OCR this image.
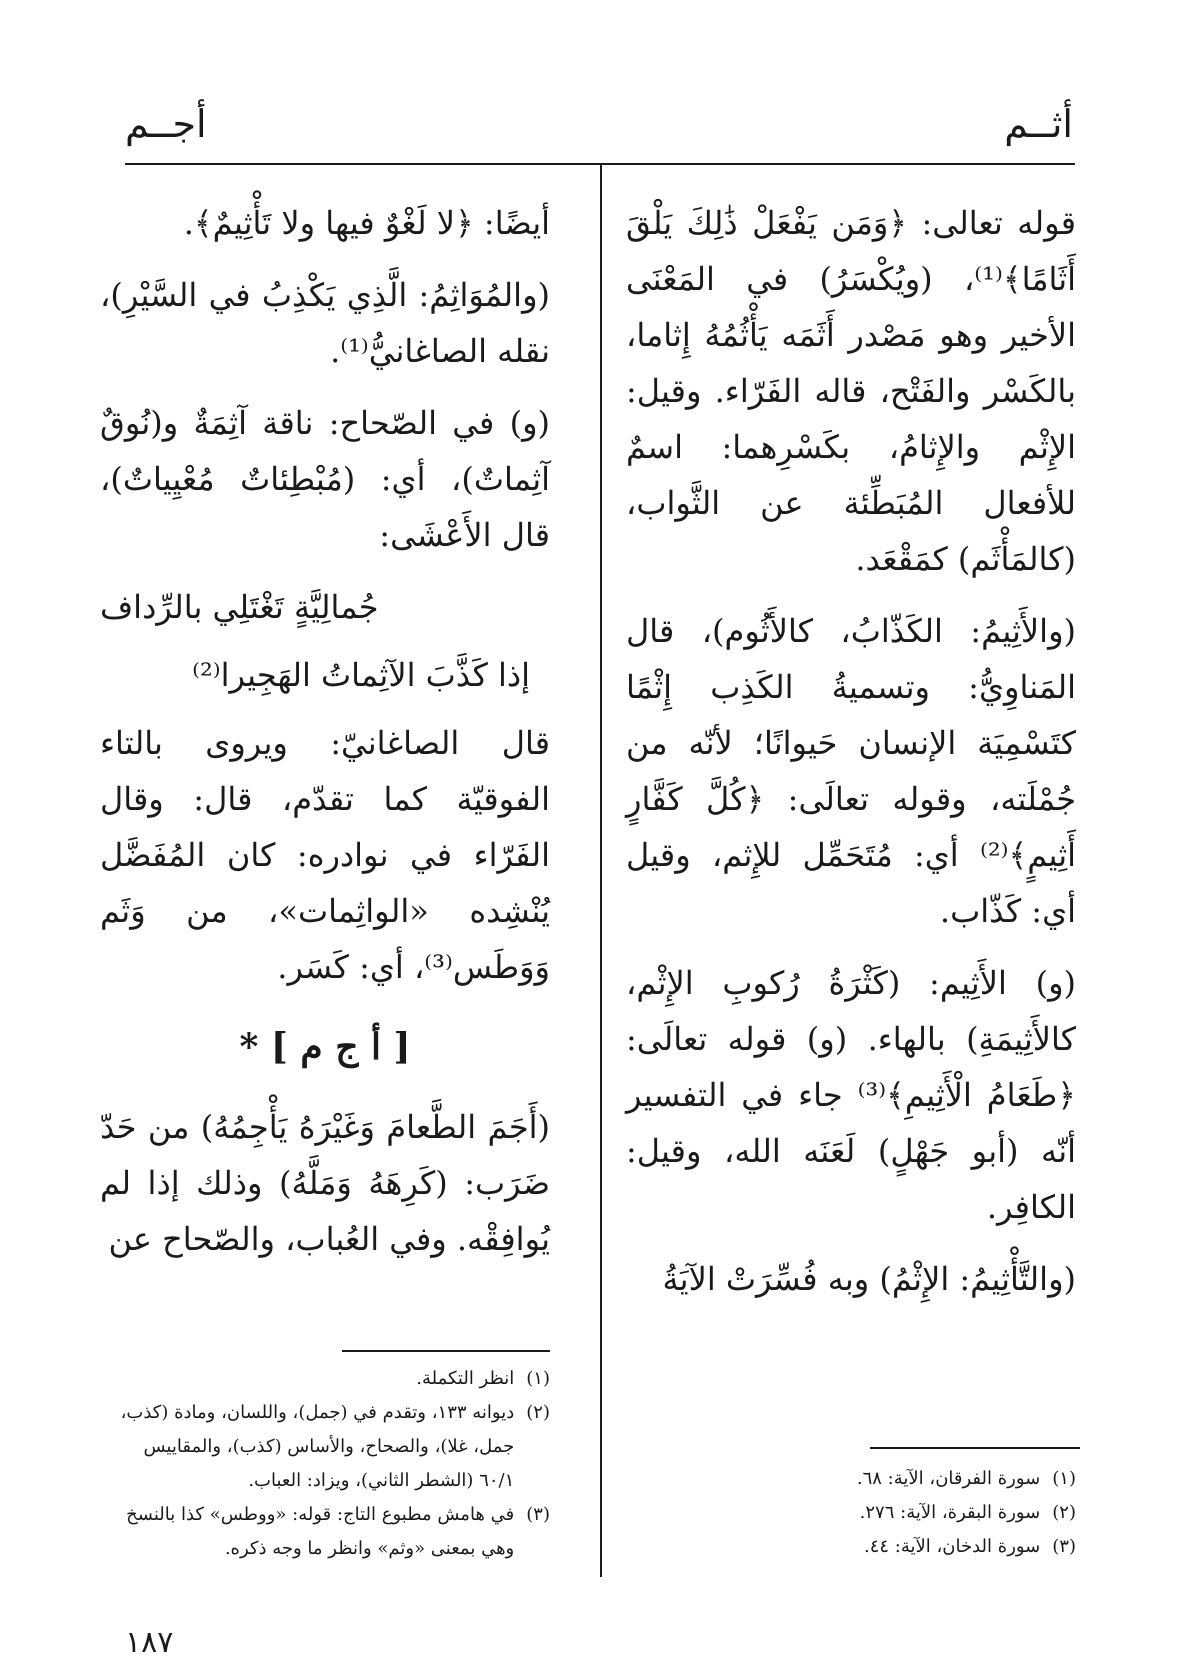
أثــم
أجــم

قوله تعالى: ﴿وَمَن يَفْعَلْ ذَٰلِكَ يَلْقَ أَثَامًا﴾⁽¹⁾، (ويُكْسَرُ) في المَعْنَى الأخير وهو مَصْدر أَثَمَه يَأْثُمُهُ إِثاما، بالكَسْر والفَتْح، قاله الفَرّاء. وقيل: الإِثْم والإِثامُ، بكَسْرِهما: اسمٌ للأفعال المُبَطِّئة عن الثَّواب، (كالمَأْثَم) كمَقْعَد.

(والأَثِيمُ: الكَذّابُ، كالأَثُوم)، قال المَناوِيُّ: وتسميةُ الكَذِب إِثْمًا كتَسْمِيَة الإنسان حَيوانًا؛ لأنّه من جُمْلَته، وقوله تعالَى: ﴿كُلَّ كَفَّارٍ أَثِيمٍ﴾⁽²⁾ أي: مُتَحَمِّل للإِثم، وقيل أي: كَذّاب.

(و) الأَثِيم: (كَثْرَةُ رُكوبِ الإِثْم، كالأَثِيمَةِ) بالهاء. (و) قوله تعالَى: ﴿طَعَامُ الْأَثِيمِ﴾⁽³⁾ جاء في التفسير أنّه (أبو جَهْلٍ) لَعَنَه الله، وقيل: الكافِر.

(والتَّأْثِيمُ: الإِثْمُ) وبه فُسِّرَتْ الآيَةُ

أيضًا: ﴿لا لَغْوٌ فيها ولا تَأْثِيمٌ﴾.

(والمُوَاثِمُ: الَّذِي يَكْذِبُ في السَّيْرِ)، نقله الصاغانيُّ⁽¹⁾.

(و) في الصّحاح: ناقة آثِمَةٌ و(نُوقٌ آثِماتٌ)، أي: (مُبْطِئاتٌ مُعْيِياتٌ)، قال الأَعْشَى:

جُمالِيَّةٍ تَغْتَلِي بالرِّداف
إذا كَذَّبَ الآثِماتُ الهَجِيرا⁽²⁾

قال الصاغانيّ: ويروى بالتاء الفوقيّة كما تقدّم، قال: وقال الفَرّاء في نوادره: كان المُفَضَّل يُنْشِده «الواثِمات»، من وَثَم وَوَطَس⁽³⁾، أي: كَسَر.

[ أ ج م ] *

(أَجَمَ الطَّعامَ وَغَيْرَهُ يَأْجِمُهُ) من حَدّ ضَرَب: (كَرِهَهُ وَمَلَّهُ) وذلك إذا لم يُوافِقْه. وفي العُباب، والصّحاح عن

(١)
سورة الفرقان، الآية: ٦٨.
(٢)
سورة البقرة، الآية: ٢٧٦.
(٣)
سورة الدخان، الآية: ٤٤.
(١)
انظر التكملة.
(٢)
ديوانه ١٣٣، وتقدم في (جمل)، واللسان، ومادة (كذب، جمل، غلا)، والصحاح، والأساس (كذب)، والمقاييس ٦٠/١ (الشطر الثاني)، ويزاد: العباب.
(٣)
في هامش مطبوع التاج: قوله: «ووطس» كذا بالنسخ وهي بمعنى «وثم» وانظر ما وجه ذكره.
١٨٧
